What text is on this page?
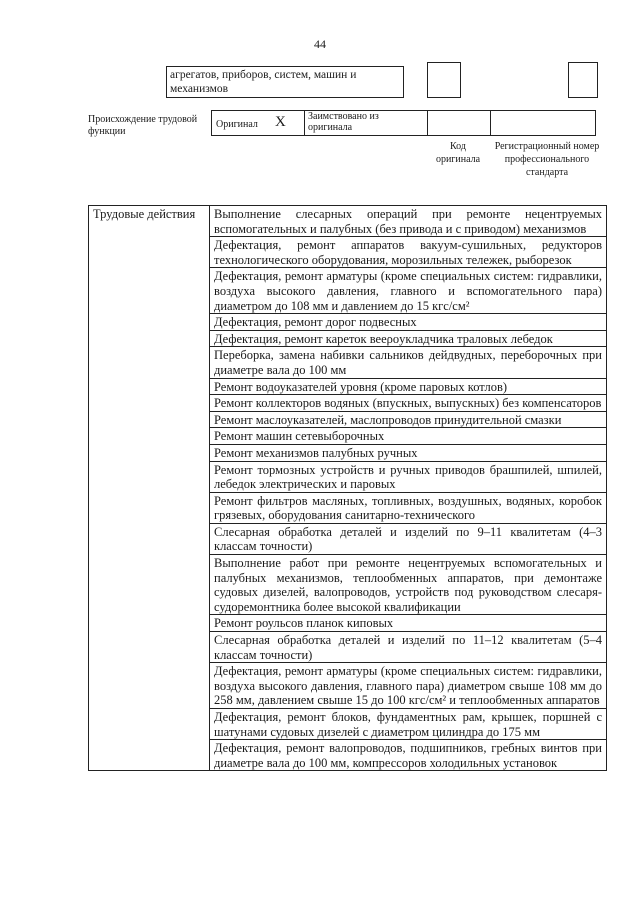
44
агрегатов, приборов, систем, машин и механизмов
Происхождение трудовой функции
Оригинал X Заимствовано из оригинала
Код оригинала
Регистрационный номер профессионального стандарта
Трудовые действия	Выполнение слесарных операций при ремонте нецентруемых вспомогательных и палубных (без привода и с приводом) механизмов
Дефектация, ремонт аппаратов вакуум-сушильных, редукторов технологического оборудования, морозильных тележек, рыборезок
Дефектация, ремонт арматуры (кроме специальных систем: гидравлики, воздуха высокого давления, главного и вспомогательного пара) диаметром до 108 мм и давлением до 15 кгс/см²
Дефектация, ремонт дорог подвесных
Дефектация, ремонт кареток вееροукладчика траловых лебедок
Переборка, замена набивки сальников дейдвудных, переборочных при диаметре вала до 100 мм
Ремонт водоуказателей уровня (кроме паровых котлов)
Ремонт коллекторов водяных (впускных, выпускных) без компенсаторов
Ремонт маслоуказателей, маслопроводов принудительной смазки
Ремонт машин сетевыборочных
Ремонт механизмов палубных ручных
Ремонт тормозных устройств и ручных приводов брашпилей, шпилей, лебедок электрических и паровых
Ремонт фильтров масляных, топливных, воздушных, водяных, коробок грязевых, оборудования санитарно-технического
Слесарная обработка деталей и изделий по 9–11 квалитетам (4–3 классам точности)
Выполнение работ при ремонте нецентруемых вспомогательных и палубных механизмов, теплообменных аппаратов, при демонтаже судовых дизелей, валопроводов, устройств под руководством слесаря-судоремонтника более высокой квалификации
Ремонт роульсов планок киповых
Слесарная обработка деталей и изделий по 11–12 квалитетам (5–4 классам точности)
Дефектация, ремонт арматуры (кроме специальных систем: гидравлики, воздуха высокого давления, главного пара) диаметром свыше 108 мм до 258 мм, давлением свыше 15 до 100 кгс/см² и теплообменных аппаратов
Дефектация, ремонт блоков, фундаментных рам, крышек, поршней с шатунами судовых дизелей с диаметром цилиндра до 175 мм
Дефектация, ремонт валопроводов, подшипников, гребных винтов при диаметре вала до 100 мм, компрессоров холодильных установок
